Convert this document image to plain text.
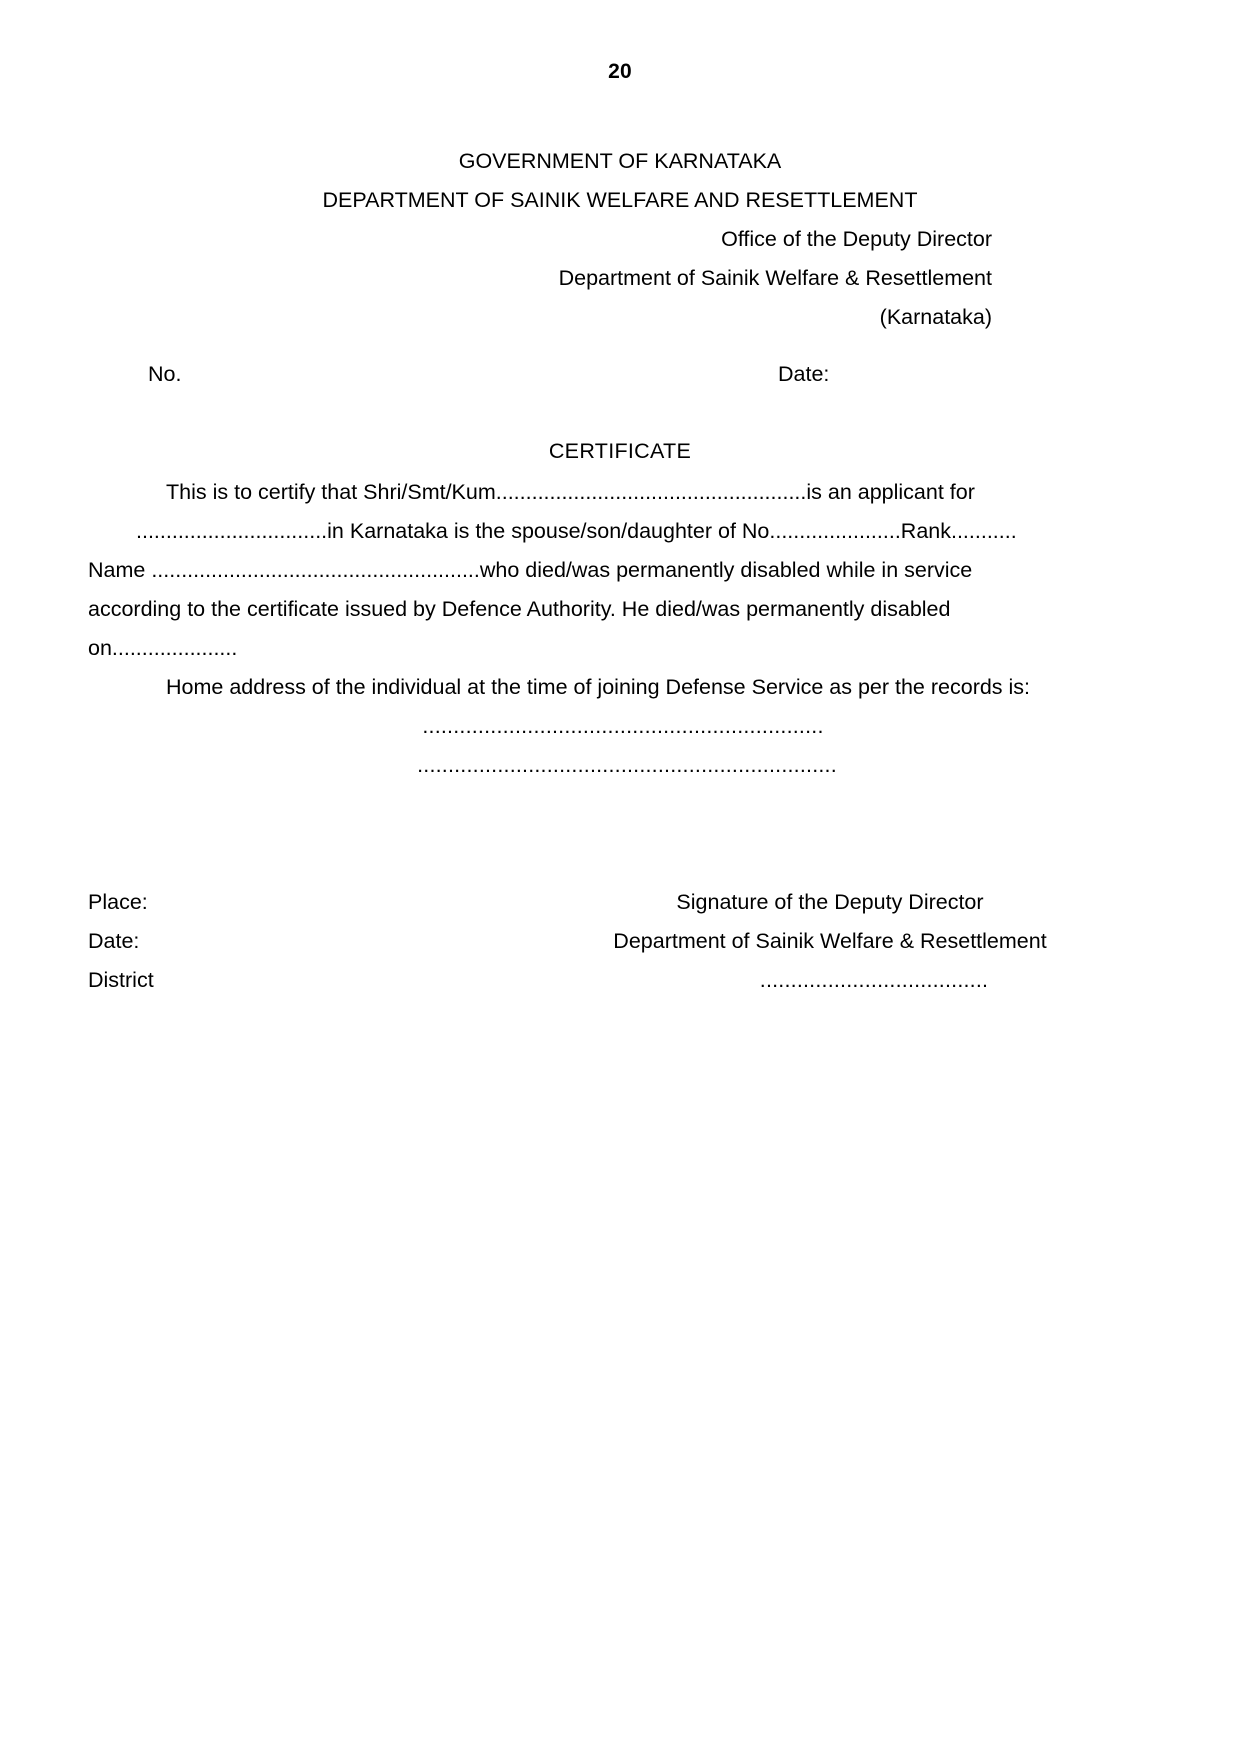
20
GOVERNMENT OF KARNATAKA
DEPARTMENT OF SAINIK WELFARE AND RESETTLEMENT
Office of the Deputy Director
Department of Sainik Welfare & Resettlement
(Karnataka)
No.	Date:
CERTIFICATE
This is to certify that Shri/Smt/Kum....................................................is an applicant for
................................in Karnataka is the spouse/son/daughter of No......................Rank...........
Name .......................................................who died/was permanently disabled while in service
according to the certificate issued by Defence Authority. He died/was permanently disabled
on.....................
Home address of the individual at the time of joining Defense Service as per the records is:
.................................................................
....................................................................
Place:
Date:
District
Signature of the Deputy Director
Department of Sainik Welfare & Resettlement
.....................................
